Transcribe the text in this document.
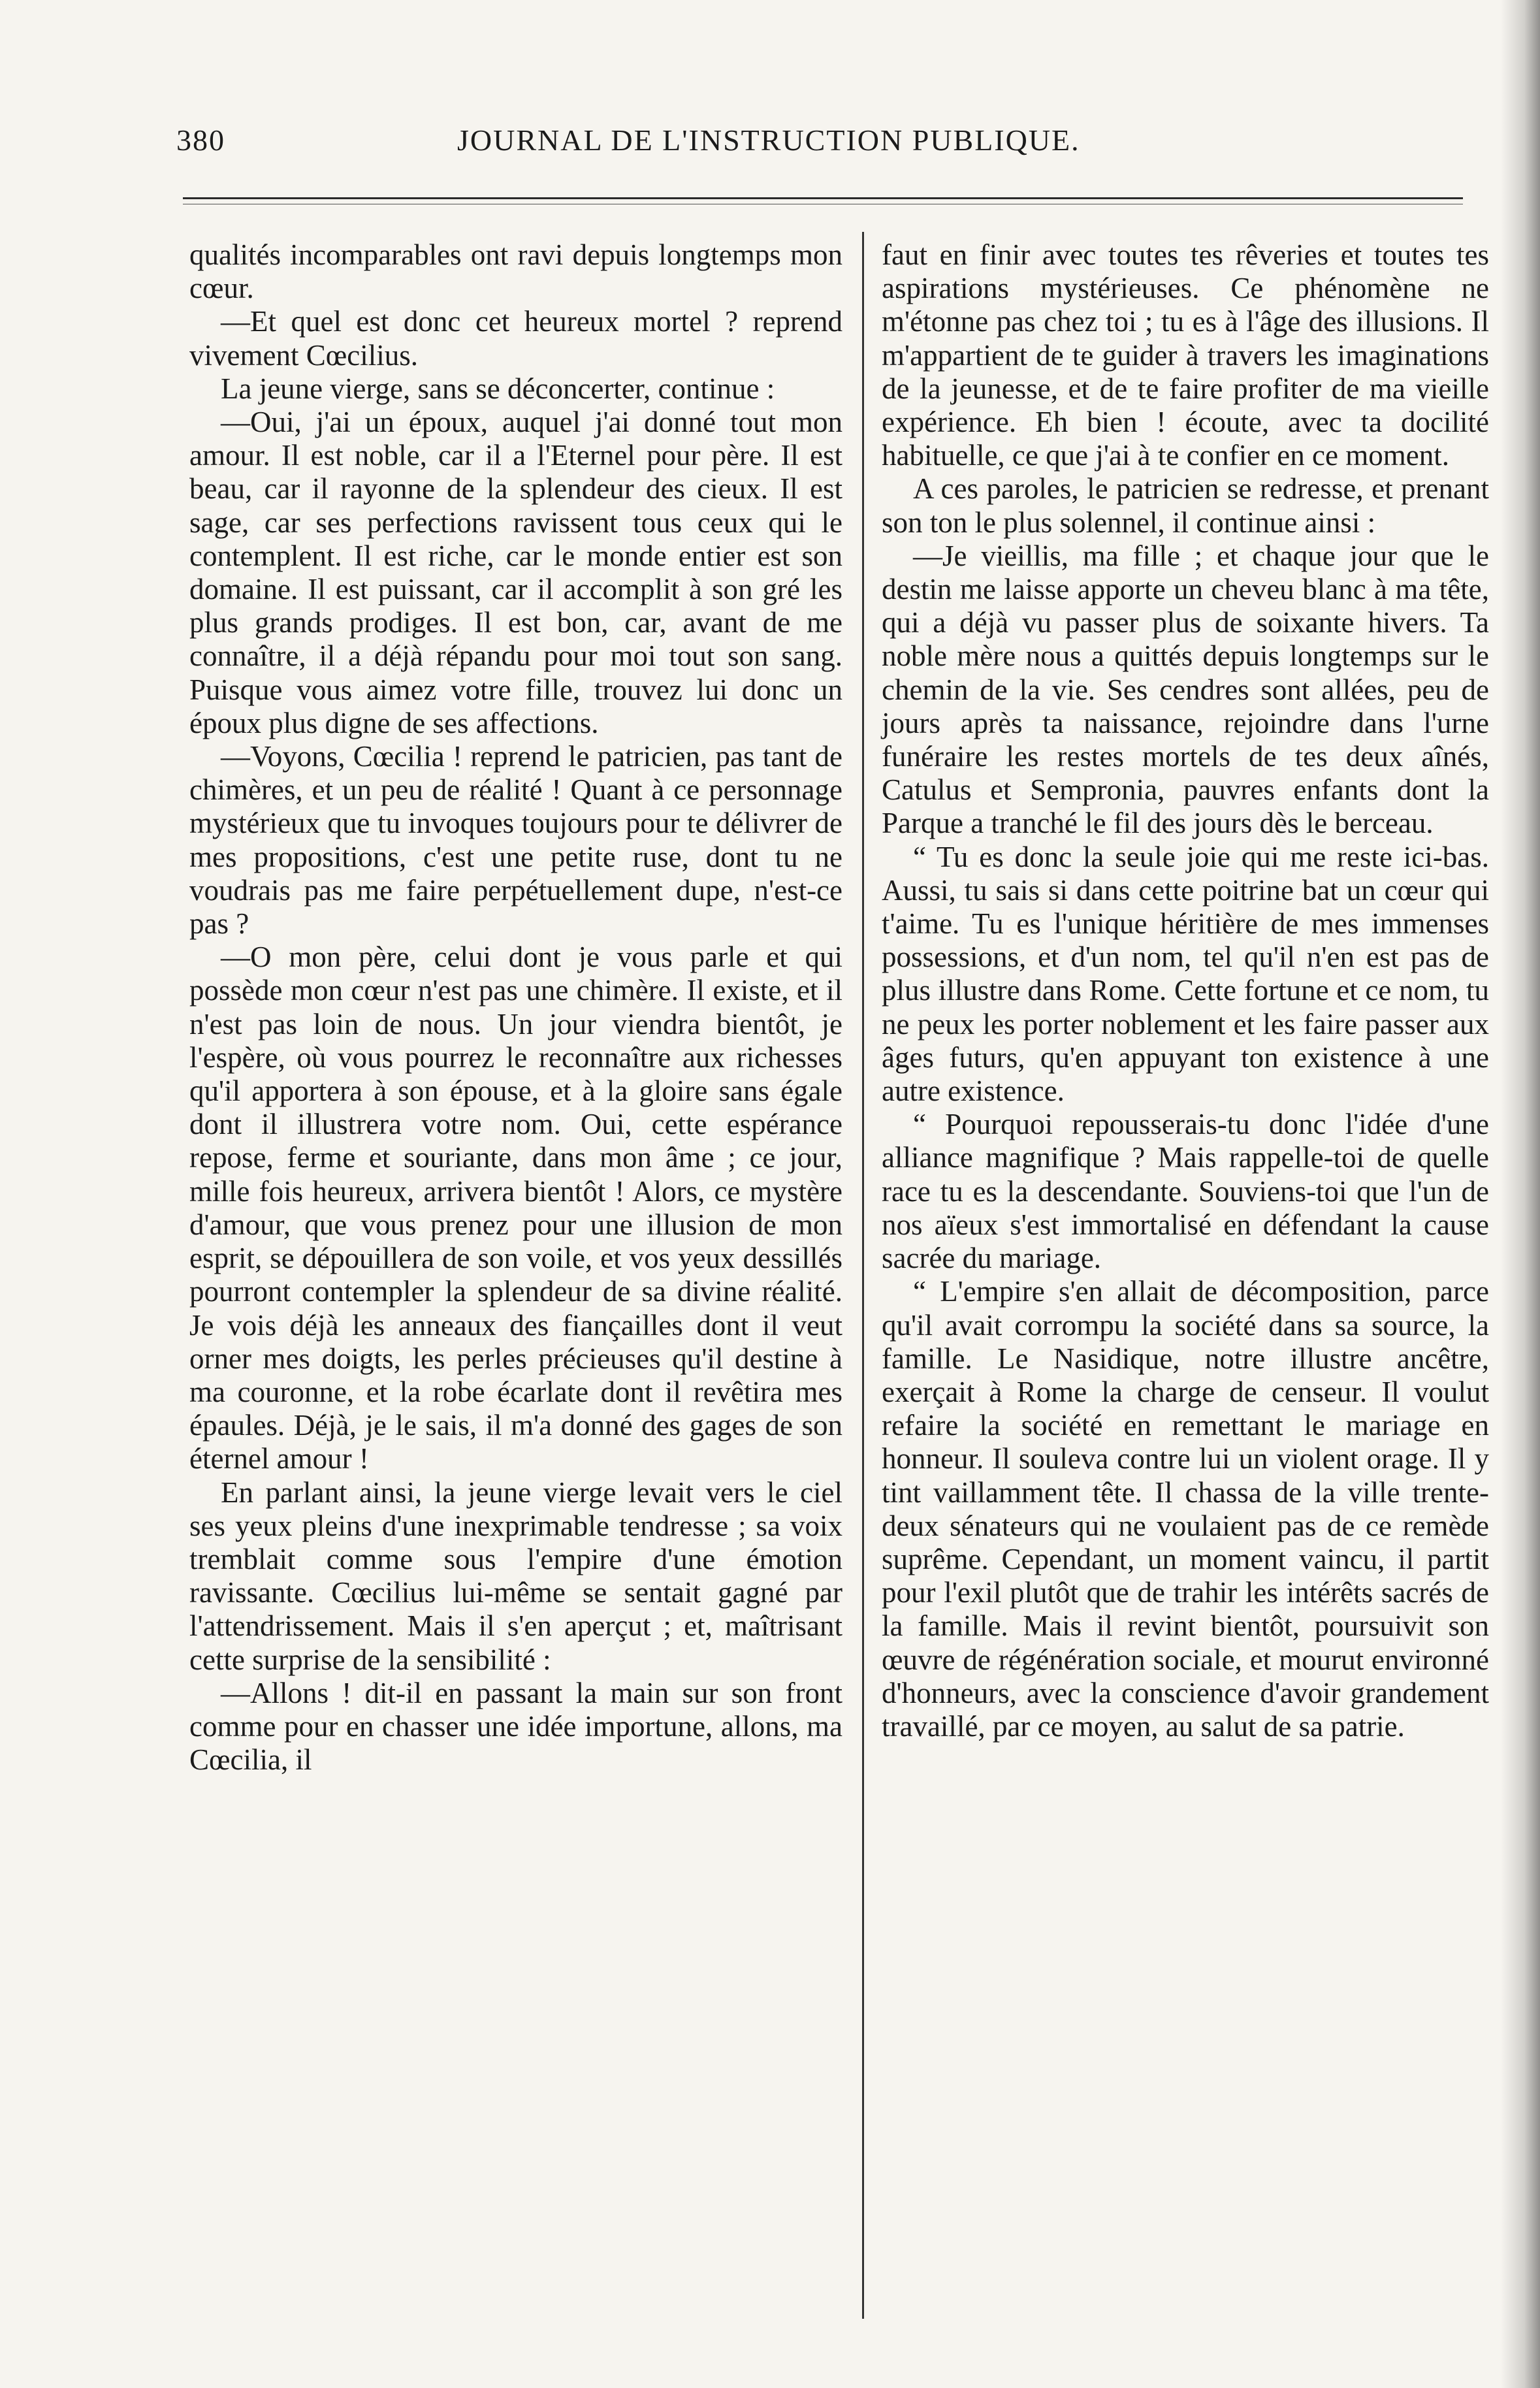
380	JOURNAL DE L'INSTRUCTION PUBLIQUE.

qualités incomparables ont ravi depuis longtemps mon cœur.

—Et quel est donc cet heureux mortel ? reprend vivement Cœcilius.

La jeune vierge, sans se déconcerter, continue :

—Oui, j'ai un époux, auquel j'ai donné tout mon amour. Il est noble, car il a l'Eternel pour père. Il est beau, car il rayonne de la splendeur des cieux. Il est sage, car ses perfections ravissent tous ceux qui le contemplent. Il est riche, car le monde entier est son domaine. Il est puissant, car il accomplit à son gré les plus grands prodiges. Il est bon, car, avant de me connaître, il a déjà répandu pour moi tout son sang. Puisque vous aimez votre fille, trouvez lui donc un époux plus digne de ses affections.

—Voyons, Cœcilia ! reprend le patricien, pas tant de chimères, et un peu de réalité ! Quant à ce personnage mystérieux que tu invoques toujours pour te délivrer de mes propositions, c'est une petite ruse, dont tu ne voudrais pas me faire perpétuellement dupe, n'est-ce pas ?

—O mon père, celui dont je vous parle et qui possède mon cœur n'est pas une chimère. Il existe, et il n'est pas loin de nous. Un jour viendra bientôt, je l'espère, où vous pourrez le reconnaître aux richesses qu'il apportera à son épouse, et à la gloire sans égale dont il illustrera votre nom. Oui, cette espérance repose, ferme et souriante, dans mon âme ; ce jour, mille fois heureux, arrivera bientôt ! Alors, ce mystère d'amour, que vous prenez pour une illusion de mon esprit, se dépouillera de son voile, et vos yeux dessillés pourront contempler la splendeur de sa divine réalité. Je vois déjà les anneaux des fiançailles dont il veut orner mes doigts, les perles précieuses qu'il destine à ma couronne, et la robe écarlate dont il revêtira mes épaules. Déjà, je le sais, il m'a donné des gages de son éternel amour !

En parlant ainsi, la jeune vierge levait vers le ciel ses yeux pleins d'une inexprimable tendresse ; sa voix tremblait comme sous l'empire d'une émotion ravissante. Cœcilius lui-même se sentait gagné par l'attendrissement. Mais il s'en aperçut ; et, maîtrisant cette surprise de la sensibilité :

—Allons ! dit-il en passant la main sur son front comme pour en chasser une idée importune, allons, ma Cœcilia, il

faut en finir avec toutes tes rêveries et toutes tes aspirations mystérieuses. Ce phénomène ne m'étonne pas chez toi ; tu es à l'âge des illusions. Il m'appartient de te guider à travers les imaginations de la jeunesse, et de te faire profiter de ma vieille expérience. Eh bien ! écoute, avec ta docilité habituelle, ce que j'ai à te confier en ce moment.

A ces paroles, le patricien se redresse, et prenant son ton le plus solennel, il continue ainsi :

—Je vieillis, ma fille ; et chaque jour que le destin me laisse apporte un cheveu blanc à ma tête, qui a déjà vu passer plus de soixante hivers. Ta noble mère nous a quittés depuis longtemps sur le chemin de la vie. Ses cendres sont allées, peu de jours après ta naissance, rejoindre dans l'urne funéraire les restes mortels de tes deux aînés, Catulus et Sempronia, pauvres enfants dont la Parque a tranché le fil des jours dès le berceau.

“ Tu es donc la seule joie qui me reste ici-bas. Aussi, tu sais si dans cette poitrine bat un cœur qui t'aime. Tu es l'unique héritière de mes immenses possessions, et d'un nom, tel qu'il n'en est pas de plus illustre dans Rome. Cette fortune et ce nom, tu ne peux les porter noblement et les faire passer aux âges futurs, qu'en appuyant ton existence à une autre existence.

“ Pourquoi repousserais-tu donc l'idée d'une alliance magnifique ? Mais rappelle-toi de quelle race tu es la descendante. Souviens-toi que l'un de nos aïeux s'est immortalisé en défendant la cause sacrée du mariage.

“ L'empire s'en allait de décomposition, parce qu'il avait corrompu la société dans sa source, la famille. Le Nasidique, notre illustre ancêtre, exerçait à Rome la charge de censeur. Il voulut refaire la société en remettant le mariage en honneur. Il souleva contre lui un violent orage. Il y tint vaillamment tête. Il chassa de la ville trente-deux sénateurs qui ne voulaient pas de ce remède suprême. Cependant, un moment vaincu, il partit pour l'exil plutôt que de trahir les intérêts sacrés de la famille. Mais il revint bientôt, poursuivit son œuvre de régénération sociale, et mourut environné d'honneurs, avec la conscience d'avoir grandement travaillé, par ce moyen, au salut de sa patrie.
